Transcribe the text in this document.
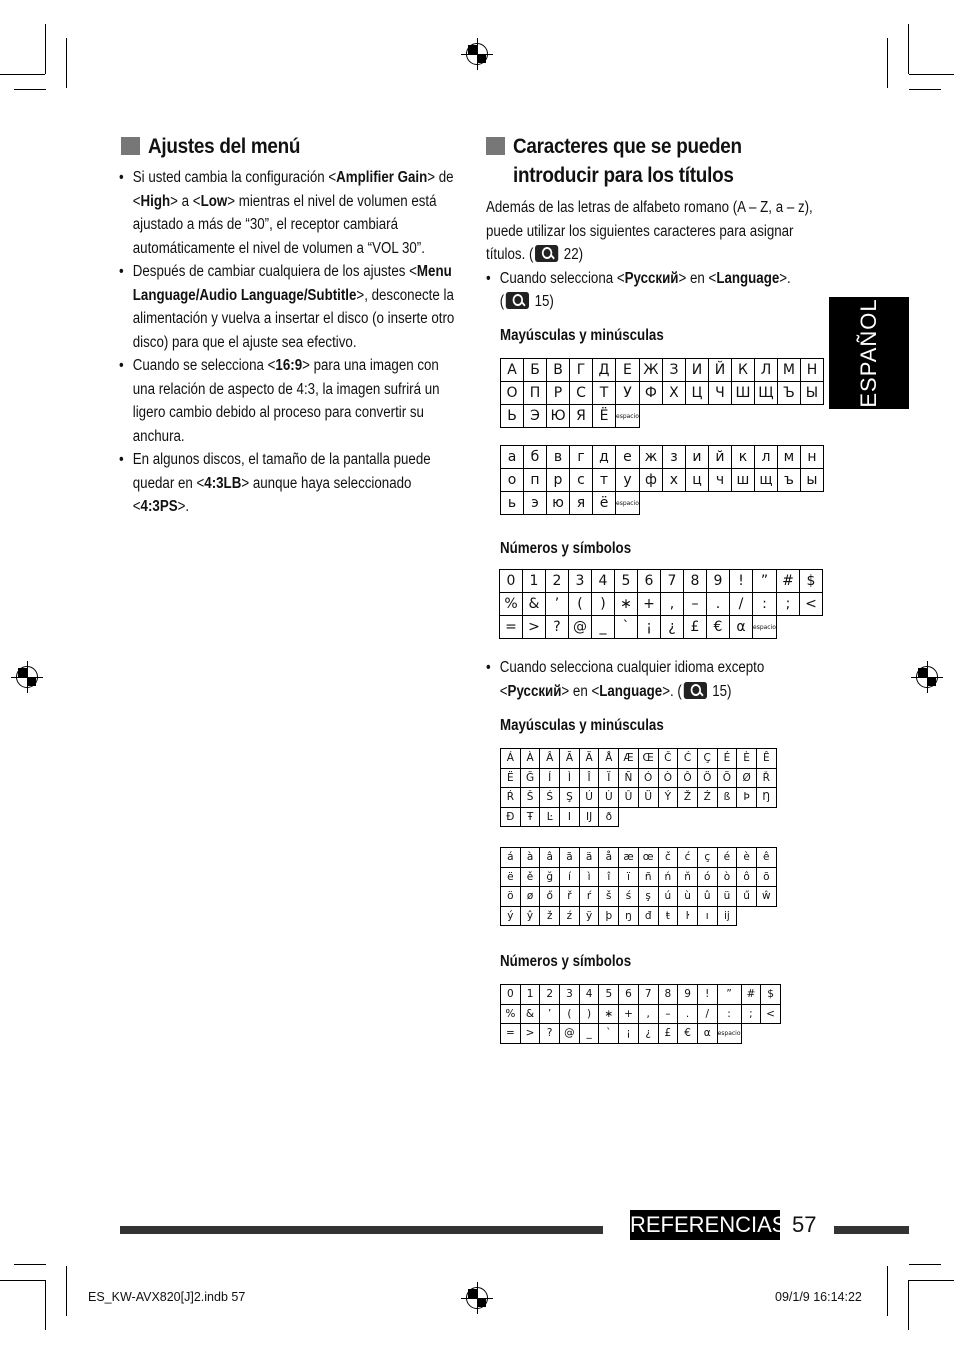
Ajustes del menú

• Si usted cambia la configuración <Amplifier Gain> de <High> a <Low> mientras el nivel de volumen está ajustado a más de “30”, el receptor cambiará automáticamente el nivel de volumen a “VOL 30”.

• Después de cambiar cualquiera de los ajustes <Menu Language/Audio Language/Subtitle>, desconecte la alimentación y vuelva a insertar el disco (o inserte otro disco) para que el ajuste sea efectivo.

• Cuando se selecciona <16:9> para una imagen con una relación de aspecto de 4:3, la imagen sufrirá un ligero cambio debido al proceso para convertir su anchura.

• En algunos discos, el tamaño de la pantalla puede quedar en <4:3LB> aunque haya seleccionado <4:3PS>.

Caracteres que se pueden introducir para los títulos

Además de las letras de alfabeto romano (A – Z, a – z), puede utilizar los siguientes caracteres para asignar títulos. ( 22)

• Cuando selecciona <Русский> en <Language>.
( 15)

Mayúsculas y minúsculas
А	Б	В	Г	Д	Е	Ж	З	И	Й	К	Л	М	Н
О	П	Р	С	Т	У	Ф	Х	Ц	Ч	Ш	Щ	Ъ	Ы
Ь	Э	Ю	Я	Ë	espacio								
а	б	в	г	д	е	ж	з	и	й	к	л	м	н
о	п	р	с	т	у	ф	х	ц	ч	ш	щ	ъ	ы
ь	э	ю	я	ë	espacio								
Números y símbolos
0	1	2	3	4	5	6	7	8	9	!	”	#	$
%	&	’	(	)	∗	+	,	–	.	/	:	;	<
=	>	?	@	_	`	¡	¿	£	€	α	espacio		

• Cuando selecciona cualquier idioma excepto
<Русский> en <Language>. ( 15)

Mayúsculas y minúsculas
Á	À	Â	Ã	Ä	Å	Æ	Œ	Č	Ć	Ç	É	È	Ê
Ë	Ğ	Í	Ì	Î	Ï	Ñ	Ó	Ò	Ô	Ö	Õ	Ø	Ř
Ŕ	Š	Ś	Ş	Ú	Ù	Û	Ü	Ý	Ž	Ź	ß	Þ	Ŋ
Ð	Ŧ	Ŀ	Ι	IJ	ð								
á	à	â	ã	ä	å	æ	œ	č	ć	ç	é	è	ê
ë	ě	ğ	í	ì	î	ï	ñ	ń	ň	ó	ò	ô	õ
ö	ø	ő	ř	ŕ	š	ś	ş	ú	ù	û	ü	ű	ŵ
ý	ŷ	ž	ź	ÿ	þ	ŋ	đ	ŧ	ŀ	ı	ij		
Números y símbolos
0	1	2	3	4	5	6	7	8	9	!	”	#	$
%	&	’	(	)	∗	+	,	–	.	/	:	;	<
=	>	?	@	_	`	¡	¿	£	€	α	espacio		
ESPAÑOL
REFERENCIAS 57
ES_KW-AVX820[J]2.indb 57	09/1/9 16:14:22
